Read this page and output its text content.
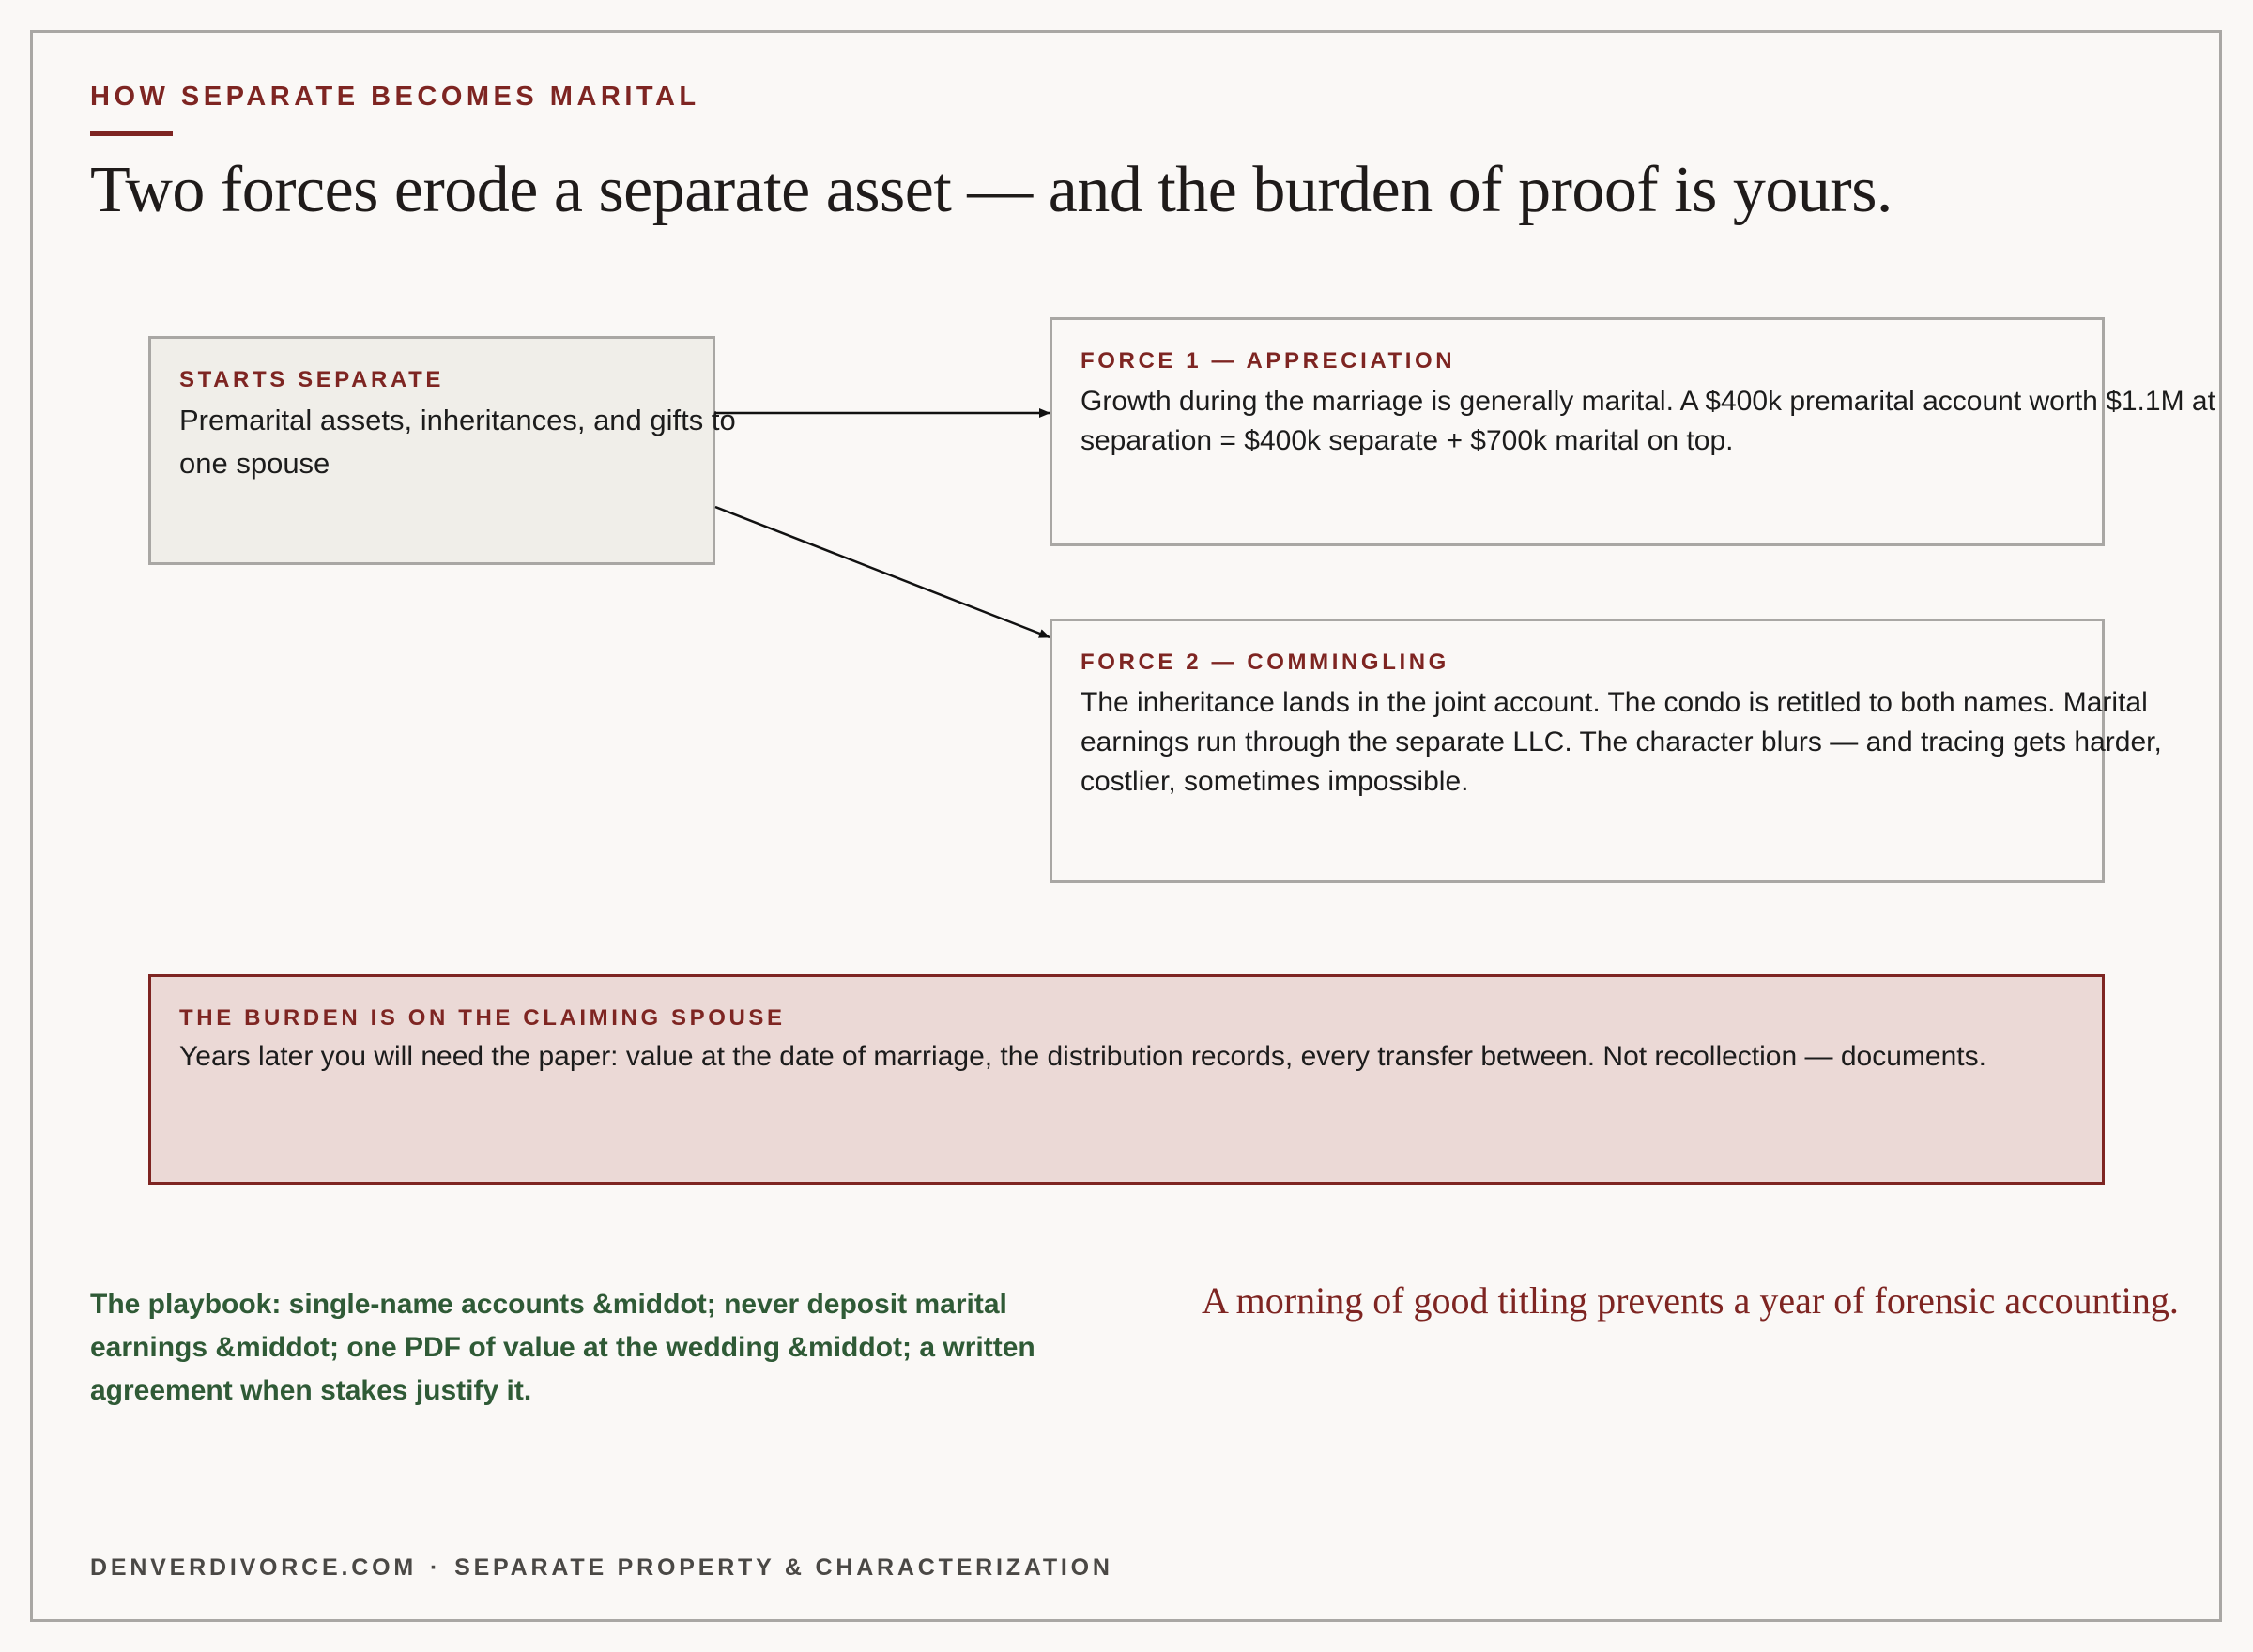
HOW SEPARATE BECOMES MARITAL
Two forces erode a separate asset — and the burden of proof is yours.
STARTS SEPARATE
Premarital assets, inheritances, and gifts to one spouse
FORCE 1 — APPRECIATION
Growth during the marriage is generally marital. A $400k premarital account worth $1.1M at separation = $400k separate + $700k marital on top.
FORCE 2 — COMMINGLING
The inheritance lands in the joint account. The condo is retitled to both names. Marital earnings run through the separate LLC. The character blurs — and tracing gets harder, costlier, sometimes impossible.
THE BURDEN IS ON THE CLAIMING SPOUSE
Years later you will need the paper: value at the date of marriage, the distribution records, every transfer between. Not recollection — documents.
The playbook: single-name accounts &middot; never deposit marital earnings &middot; one PDF of value at the wedding &middot; a written agreement when stakes justify it.
A morning of good titling prevents a year of forensic accounting.
DENVERDIVORCE.COM · SEPARATE PROPERTY & CHARACTERIZATION
